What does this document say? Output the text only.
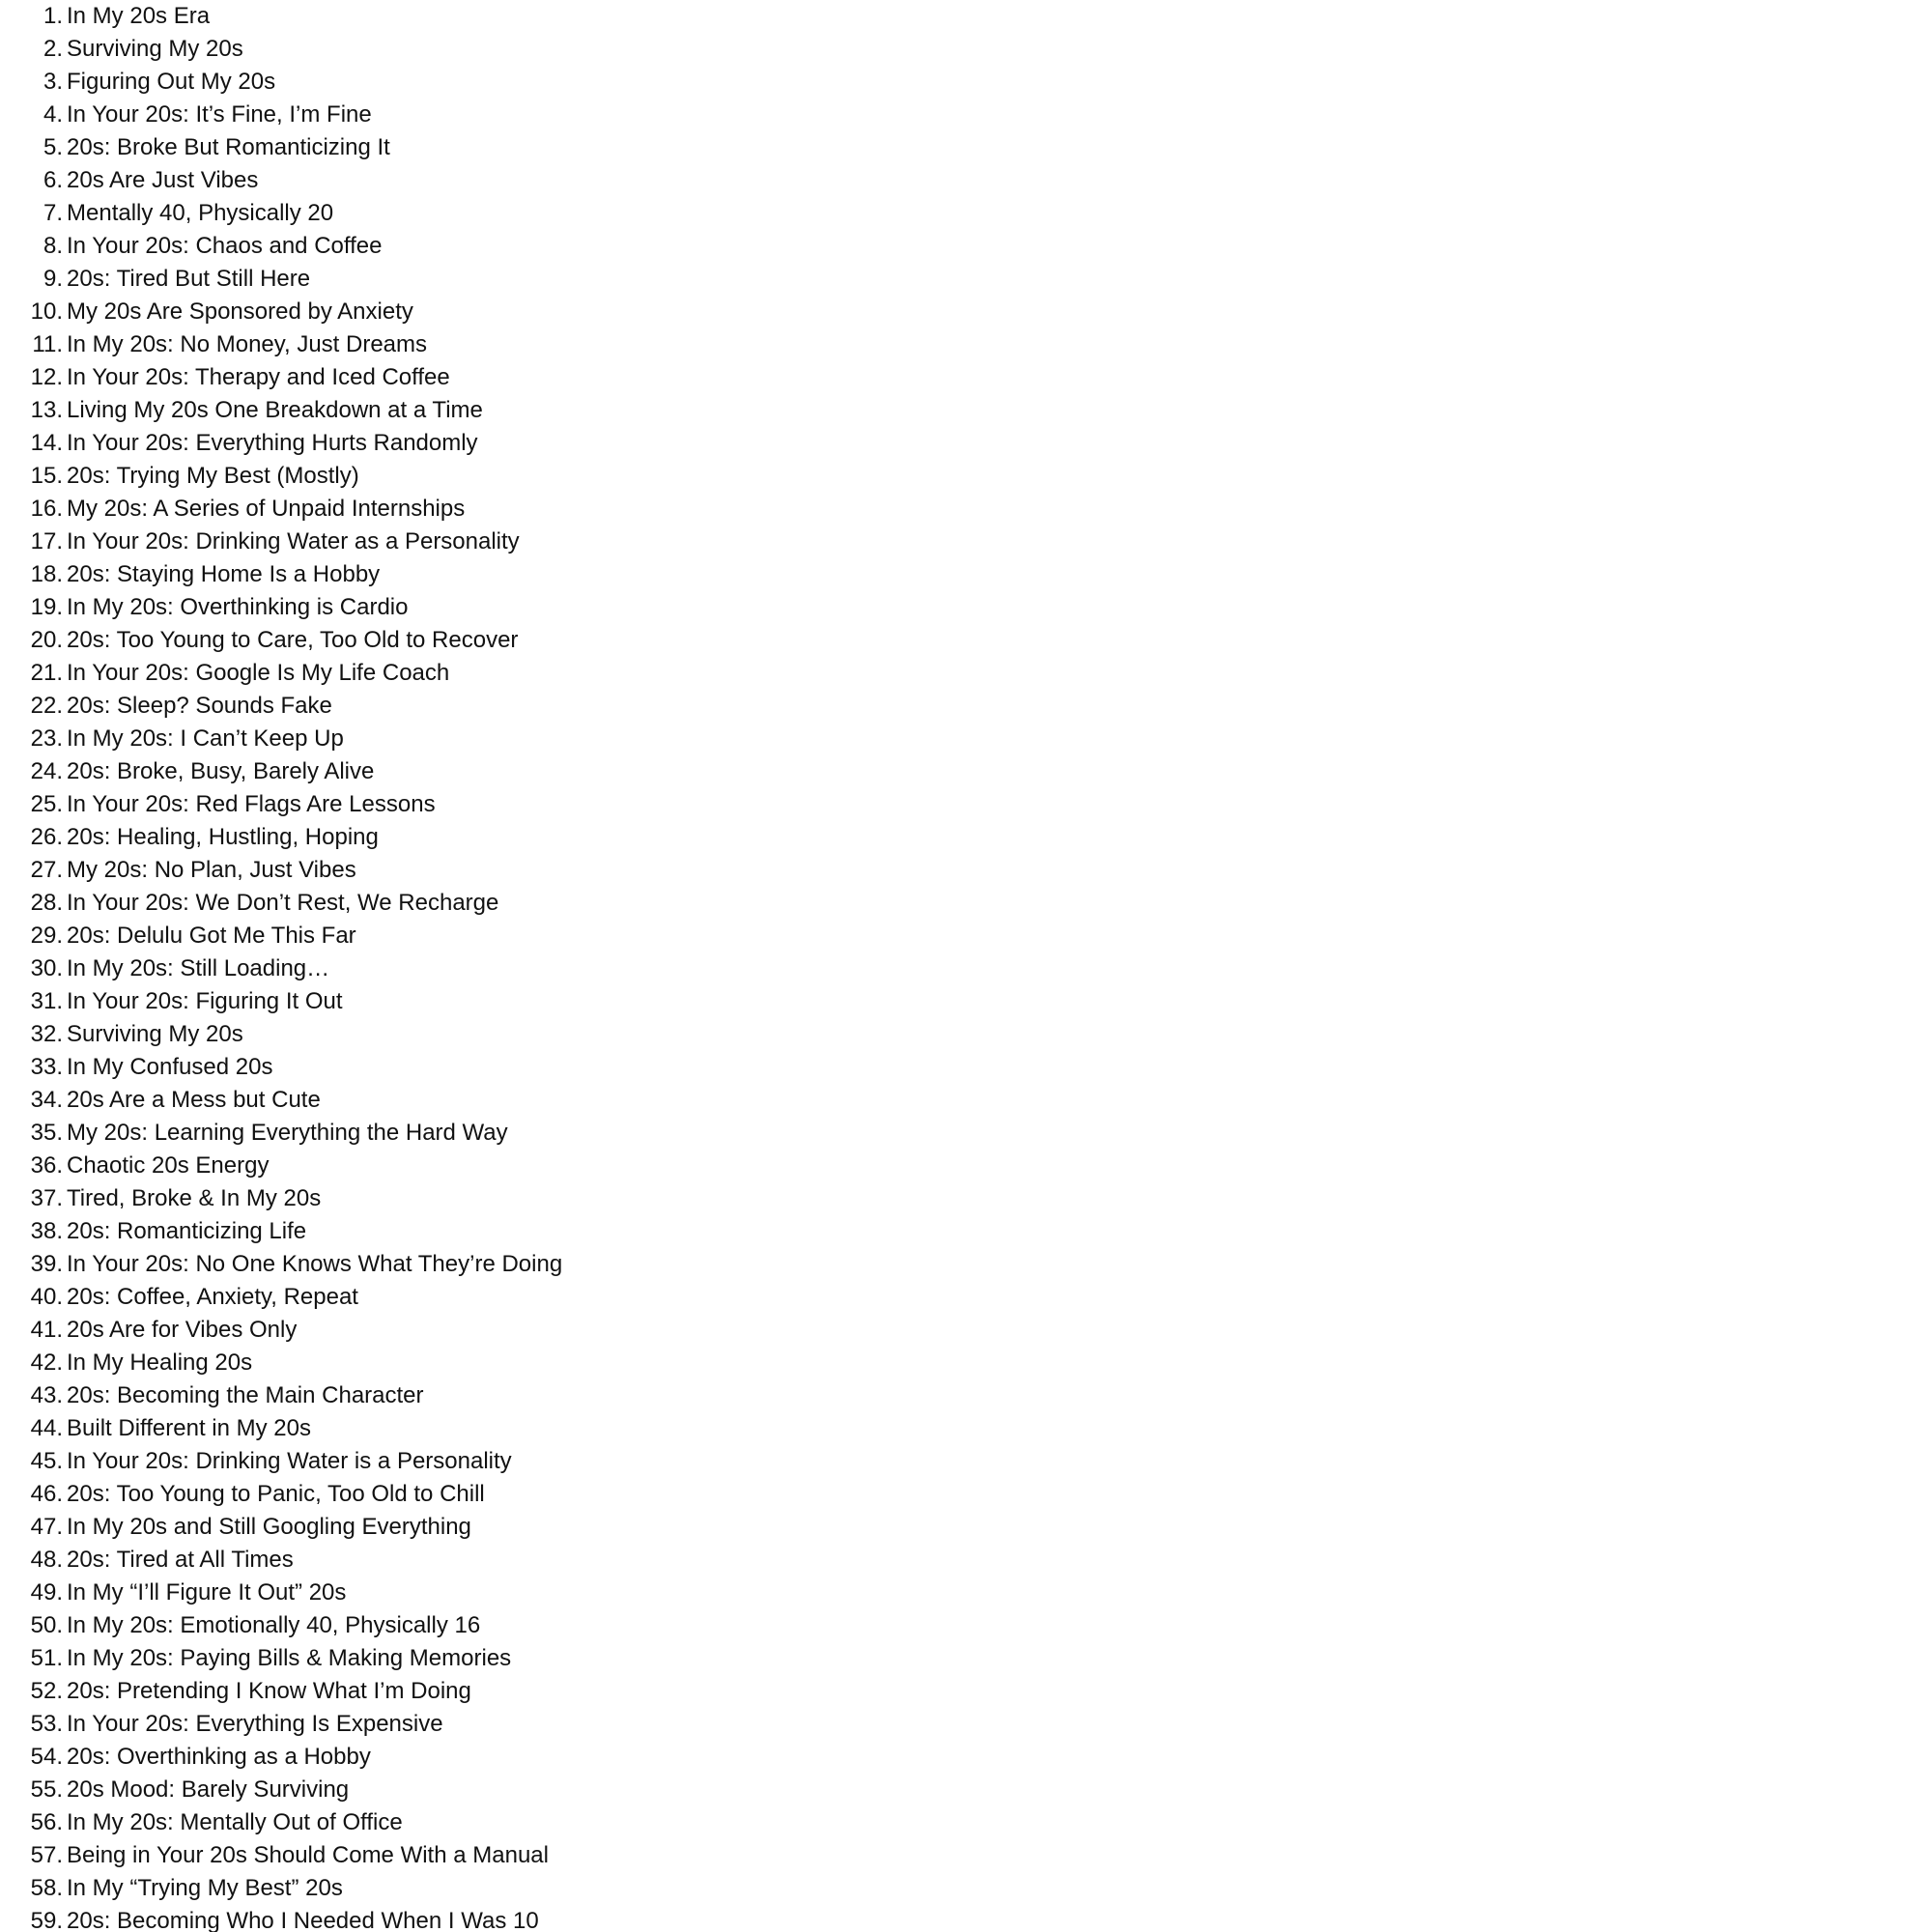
1. In My 20s Era
2. Surviving My 20s
3. Figuring Out My 20s
4. In Your 20s: It’s Fine, I’m Fine
5. 20s: Broke But Romanticizing It
6. 20s Are Just Vibes
7. Mentally 40, Physically 20
8. In Your 20s: Chaos and Coffee
9. 20s: Tired But Still Here
10. My 20s Are Sponsored by Anxiety
11. In My 20s: No Money, Just Dreams
12. In Your 20s: Therapy and Iced Coffee
13. Living My 20s One Breakdown at a Time
14. In Your 20s: Everything Hurts Randomly
15. 20s: Trying My Best (Mostly)
16. My 20s: A Series of Unpaid Internships
17. In Your 20s: Drinking Water as a Personality
18. 20s: Staying Home Is a Hobby
19. In My 20s: Overthinking is Cardio
20. 20s: Too Young to Care, Too Old to Recover
21. In Your 20s: Google Is My Life Coach
22. 20s: Sleep? Sounds Fake
23. In My 20s: I Can’t Keep Up
24. 20s: Broke, Busy, Barely Alive
25. In Your 20s: Red Flags Are Lessons
26. 20s: Healing, Hustling, Hoping
27. My 20s: No Plan, Just Vibes
28. In Your 20s: We Don’t Rest, We Recharge
29. 20s: Delulu Got Me This Far
30. In My 20s: Still Loading…
31. In Your 20s: Figuring It Out
32. Surviving My 20s
33. In My Confused 20s
34. 20s Are a Mess but Cute
35. My 20s: Learning Everything the Hard Way
36. Chaotic 20s Energy
37. Tired, Broke & In My 20s
38. 20s: Romanticizing Life
39. In Your 20s: No One Knows What They’re Doing
40. 20s: Coffee, Anxiety, Repeat
41. 20s Are for Vibes Only
42. In My Healing 20s
43. 20s: Becoming the Main Character
44. Built Different in My 20s
45. In Your 20s: Drinking Water is a Personality
46. 20s: Too Young to Panic, Too Old to Chill
47. In My 20s and Still Googling Everything
48. 20s: Tired at All Times
49. In My “I’ll Figure It Out” 20s
50. In My 20s: Emotionally 40, Physically 16
51. In My 20s: Paying Bills & Making Memories
52. 20s: Pretending I Know What I’m Doing
53. In Your 20s: Everything Is Expensive
54. 20s: Overthinking as a Hobby
55. 20s Mood: Barely Surviving
56. In My 20s: Mentally Out of Office
57. Being in Your 20s Should Come With a Manual
58. In My “Trying My Best” 20s
59. 20s: Becoming Who I Needed When I Was 10
